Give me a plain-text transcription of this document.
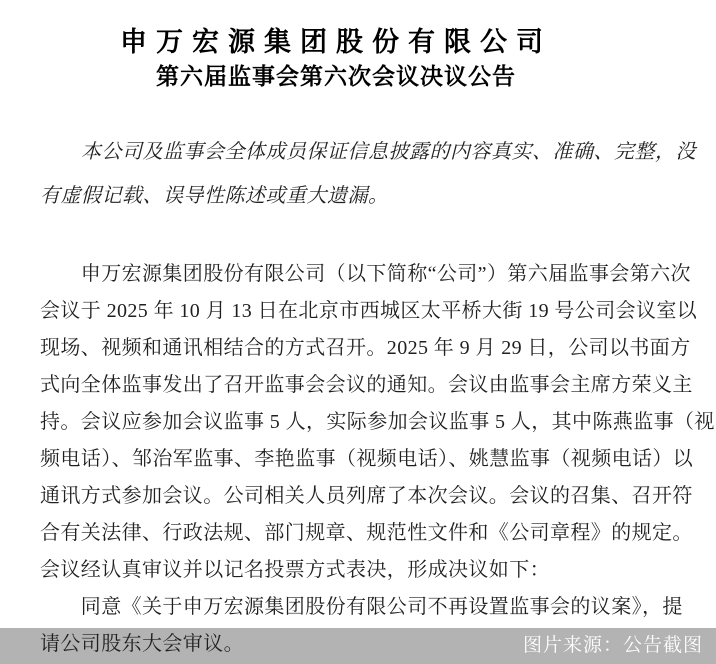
申万宏源集团股份有限公司
第六届监事会第六次会议决议公告
　　本公司及监事会全体成员保证信息披露的内容真实、准确、完整，没
有虚假记载、误导性陈述或重大遗漏。
　　申万宏源集团股份有限公司（以下简称“公司”）第六届监事会第六次
会议于 2025 年 10 月 13 日在北京市西城区太平桥大街 19 号公司会议室以
现场、视频和通讯相结合的方式召开。2025 年 9 月 29 日，公司以书面方
式向全体监事发出了召开监事会会议的通知。会议由监事会主席方荣义主
持。会议应参加会议监事 5 人，实际参加会议监事 5 人，其中陈燕监事（视
频电话）、邹治军监事、李艳监事（视频电话）、姚慧监事（视频电话）以
通讯方式参加会议。公司相关人员列席了本次会议。会议的召集、召开符
合有关法律、行政法规、部门规章、规范性文件和《公司章程》的规定。
会议经认真审议并以记名投票方式表决，形成决议如下：
　　同意《关于申万宏源集团股份有限公司不再设置监事会的议案》，提
请公司股东大会审议。	图片来源：公告截图
